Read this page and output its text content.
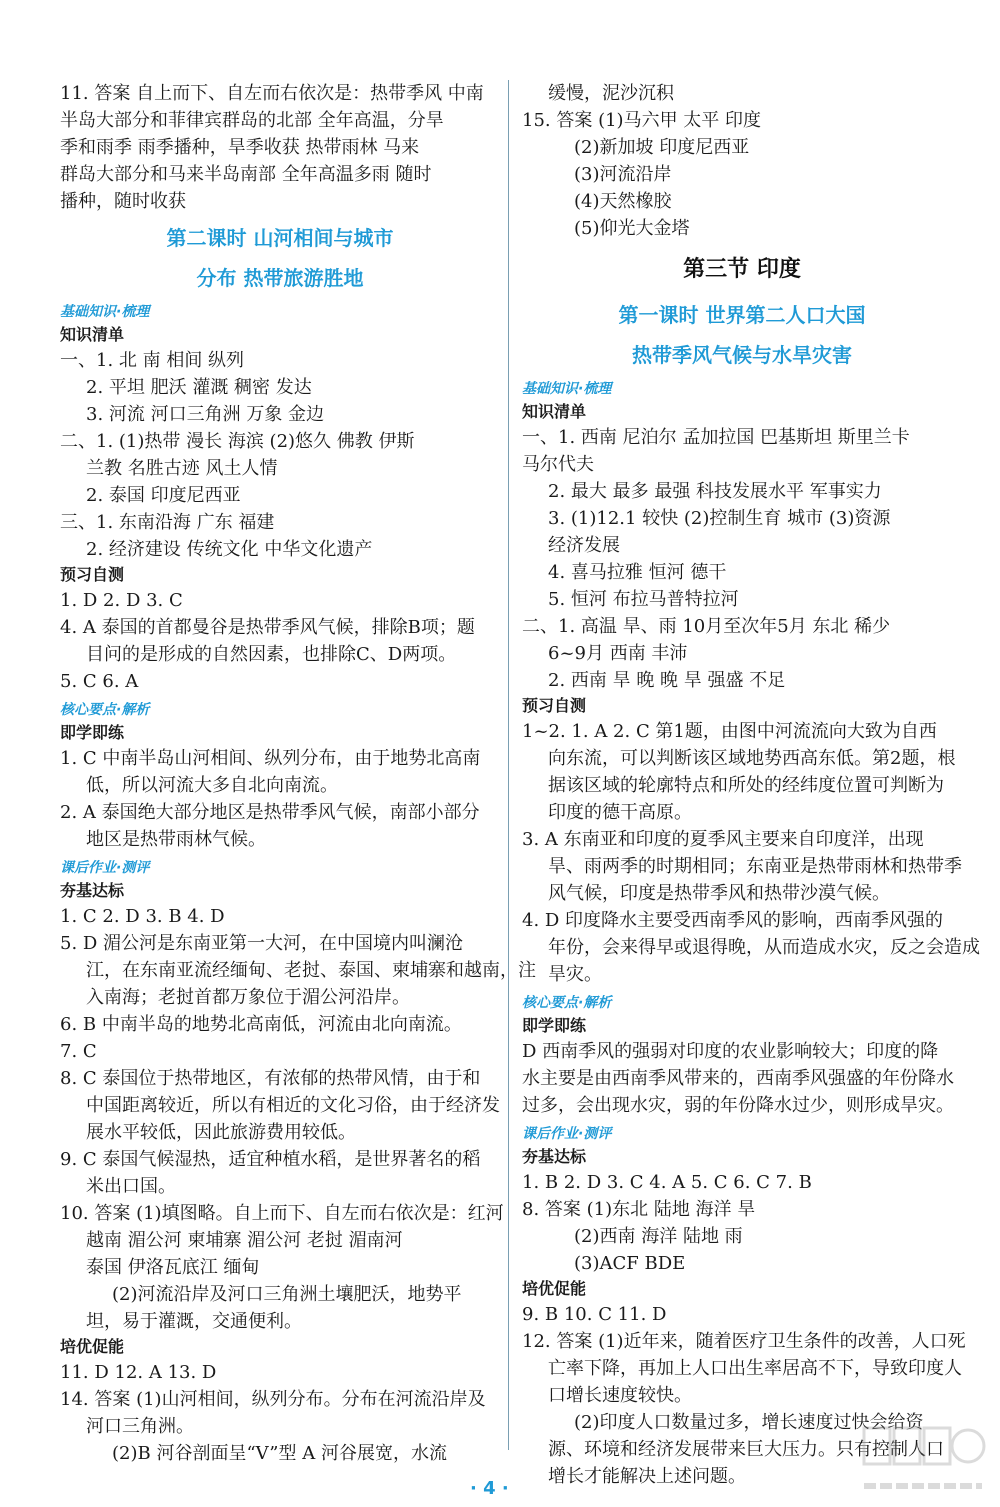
11. 答案 自上而下、自左而右依次是：热带季风 中南
半岛大部分和菲律宾群岛的北部 全年高温，分旱
季和雨季 雨季播种，旱季收获 热带雨林 马来
群岛大部分和马来半岛南部 全年高温多雨 随时
播种，随时收获
第二课时 山河相间与城市
分布 热带旅游胜地
基础知识·梳理
知识清单
一、1. 北 南 相间 纵列
2. 平坦 肥沃 灌溉 稠密 发达
3. 河流 河口三角洲 万象 金边
二、1. (1)热带 漫长 海滨 (2)悠久 佛教 伊斯
兰教 名胜古迹 风土人情
2. 泰国 印度尼西亚
三、1. 东南沿海 广东 福建
2. 经济建设 传统文化 中华文化遗产
预习自测
1. D 2. D 3. C
4. A 泰国的首都曼谷是热带季风气候，排除B项；题
目问的是形成的自然因素，也排除C、D两项。
5. C 6. A
核心要点·解析
即学即练
1. C 中南半岛山河相间、纵列分布，由于地势北高南
低，所以河流大多自北向南流。
2. A 泰国绝大部分地区是热带季风气候，南部小部分
地区是热带雨林气候。
课后作业·测评
夯基达标
1. C 2. D 3. B 4. D
5. D 湄公河是东南亚第一大河，在中国境内叫澜沧
江，在东南亚流经缅甸、老挝、泰国、柬埔寨和越南，注
入南海；老挝首都万象位于湄公河沿岸。
6. B 中南半岛的地势北高南低，河流由北向南流。
7. C
8. C 泰国位于热带地区，有浓郁的热带风情，由于和
中国距离较近，所以有相近的文化习俗，由于经济发
展水平较低，因此旅游费用较低。
9. C 泰国气候湿热，适宜种植水稻，是世界著名的稻
米出口国。
10. 答案 (1)填图略。自上而下、自左而右依次是：红河
越南 湄公河 柬埔寨 湄公河 老挝 湄南河
泰国 伊洛瓦底江 缅甸
(2)河流沿岸及河口三角洲土壤肥沃，地势平
坦，易于灌溉，交通便利。
培优促能
11. D 12. A 13. D
14. 答案 (1)山河相间，纵列分布。分布在河流沿岸及
河口三角洲。
(2)B 河谷剖面呈“V”型 A 河谷展宽，水流
缓慢，泥沙沉积
15. 答案 (1)马六甲 太平 印度
(2)新加坡 印度尼西亚
(3)河流沿岸
(4)天然橡胶
(5)仰光大金塔
第三节 印度
第一课时 世界第二人口大国
热带季风气候与水旱灾害
基础知识·梳理
知识清单
一、1. 西南 尼泊尔 孟加拉国 巴基斯坦 斯里兰卡
马尔代夫
2. 最大 最多 最强 科技发展水平 军事实力
3. (1)12.1 较快 (2)控制生育 城市 (3)资源
经济发展
4. 喜马拉雅 恒河 德干
5. 恒河 布拉马普特拉河
二、1. 高温 旱、雨 10月至次年5月 东北 稀少
6~9月 西南 丰沛
2. 西南 旱 晚 晚 旱 强盛 不足
预习自测
1~2. 1. A 2. C 第1题，由图中河流流向大致为自西
向东流，可以判断该区域地势西高东低。第2题，根
据该区域的轮廓特点和所处的经纬度位置可判断为
印度的德干高原。
3. A 东南亚和印度的夏季风主要来自印度洋，出现
旱、雨两季的时期相同；东南亚是热带雨林和热带季
风气候，印度是热带季风和热带沙漠气候。
4. D 印度降水主要受西南季风的影响，西南季风强的
年份，会来得早或退得晚，从而造成水灾，反之会造成
旱灾。
核心要点·解析
即学即练
D 西南季风的强弱对印度的农业影响较大；印度的降
水主要是由西南季风带来的，西南季风强盛的年份降水
过多，会出现水灾，弱的年份降水过少，则形成旱灾。
课后作业·测评
夯基达标
1. B 2. D 3. C 4. A 5. C 6. C 7. B
8. 答案 (1)东北 陆地 海洋 旱
(2)西南 海洋 陆地 雨
(3)ACF BDE
培优促能
9. B 10. C 11. D
12. 答案 (1)近年来，随着医疗卫生条件的改善，人口死
亡率下降，再加上人口出生率居高不下，导致印度人
口增长速度较快。
(2)印度人口数量过多，增长速度过快会给资
源、环境和经济发展带来巨大压力。只有控制人口
增长才能解决上述问题。
· 4 ·
